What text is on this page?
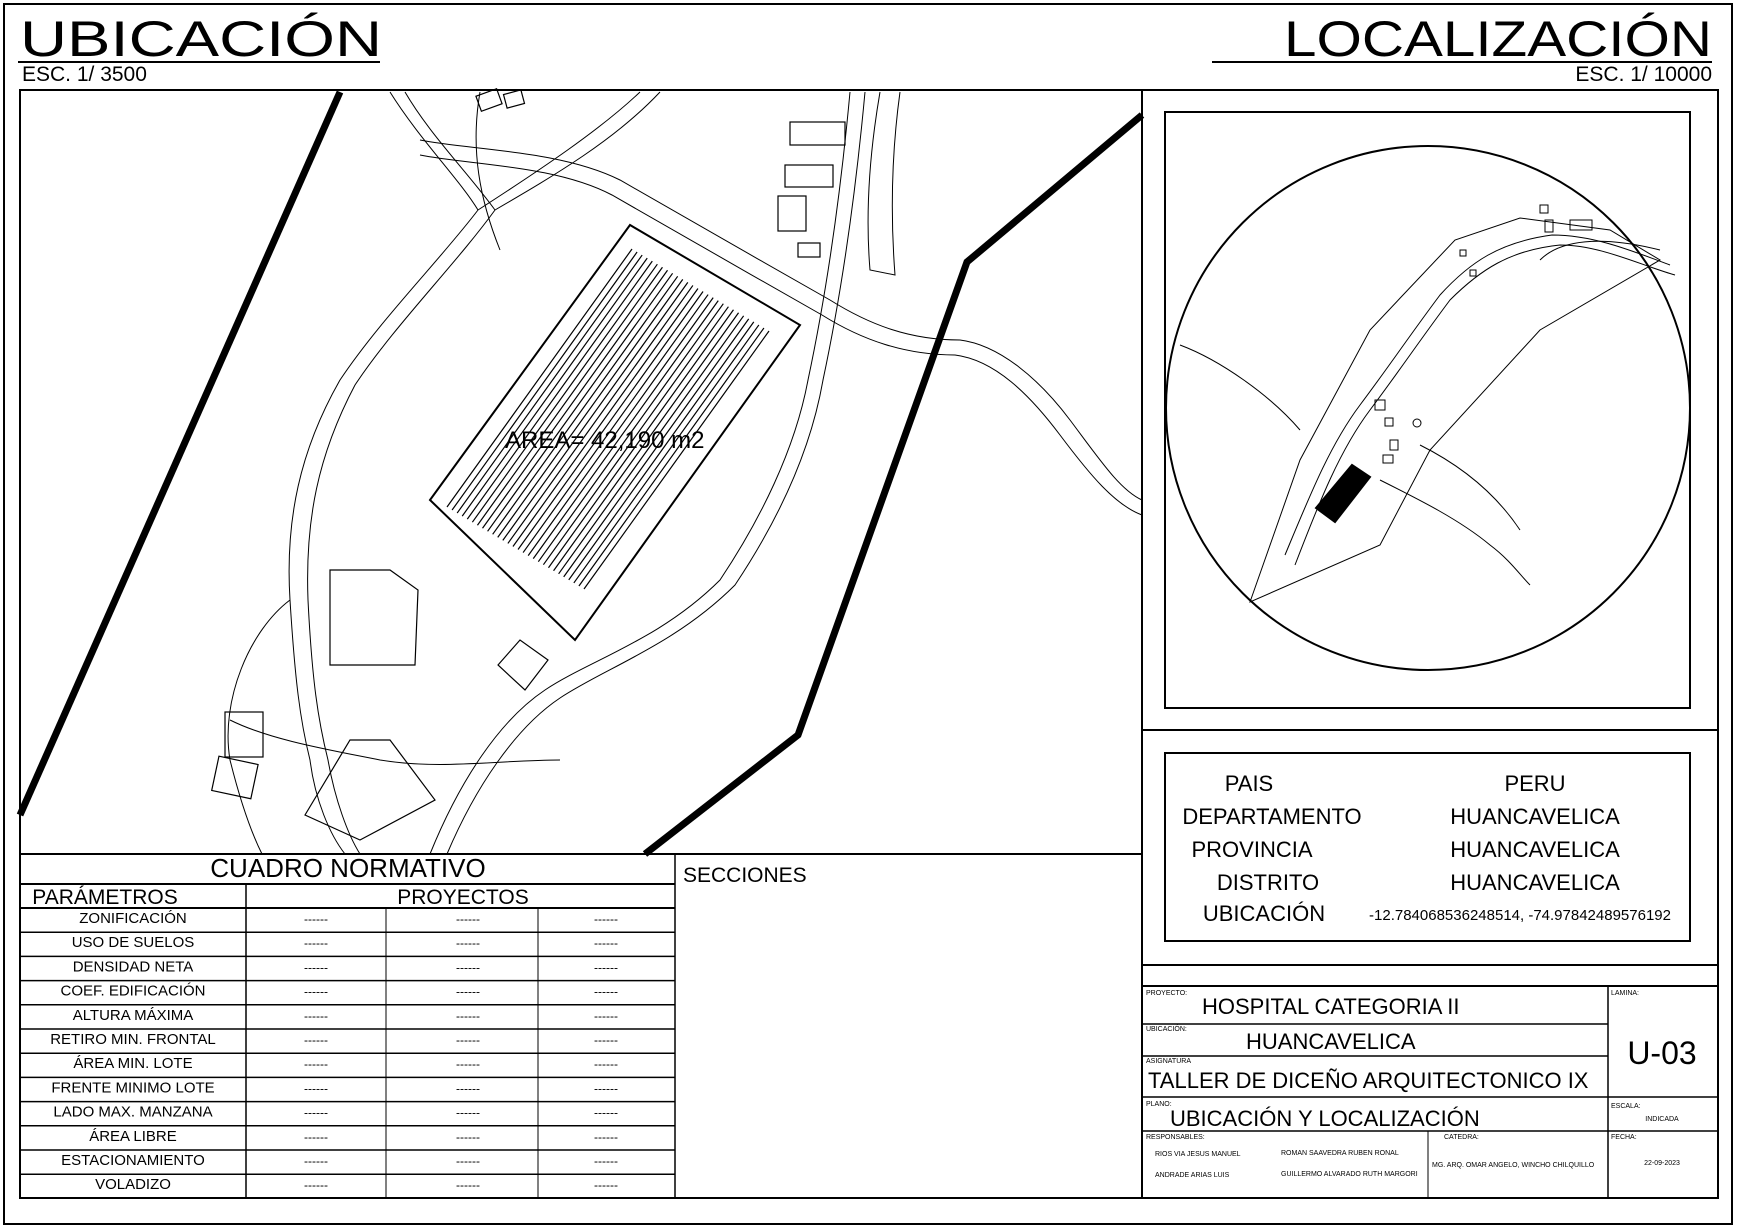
UBICACIÓN
ESC. 1/ 3500
LOCALIZACIÓN
ESC. 1/ 10000
AREA= 42,190 m2
PAIS	PERU
DEPARTAMENTO	HUANCAVELICA
PROVINCIA	HUANCAVELICA
DISTRITO	HUANCAVELICA
UBICACIÓN	-12.784068536248514, -74.97842489576192
PROYECTO:
HOSPITAL CATEGORIA II
UBICACIÓN:	HUANCAVELICA
ASIGNATURA
TALLER DE DICEÑO ARQUITECTONICO IX
PLANO:
UBICACIÓN Y LOCALIZACIÓN
LAMINA:
U-03
ESCALA:
INDICADA
RESPONSABLES:
RIOS VIA JESUS MANUEL	ROMAN SAAVEDRA RUBEN RONAL
ANDRADE ARIAS LUIS	GUILLERMO ALVARADO RUTH MARGORI
CATEDRA:
MG. ARQ. OMAR ANGELO, WINCHO CHILQUILLO
FECHA:
22-09-2023
CUADRO NORMATIVO
PARÁMETROS	PROYECTOS
ZONIFICACIÓN	------	------	------
USO DE SUELOS	------	------	------
DENSIDAD NETA	------	------	------
COEF. EDIFICACIÓN	------	------	------
ALTURA MÁXIMA	------	------	------
RETIRO MIN. FRONTAL	------	------	------
ÁREA MIN. LOTE	------	------	------
FRENTE MINIMO LOTE	------	------	------
LADO MAX. MANZANA	------	------	------
ÁREA LIBRE	------	------	------
ESTACIONAMIENTO	------	------	------
VOLADIZO	------	------	------
SECCIONES
